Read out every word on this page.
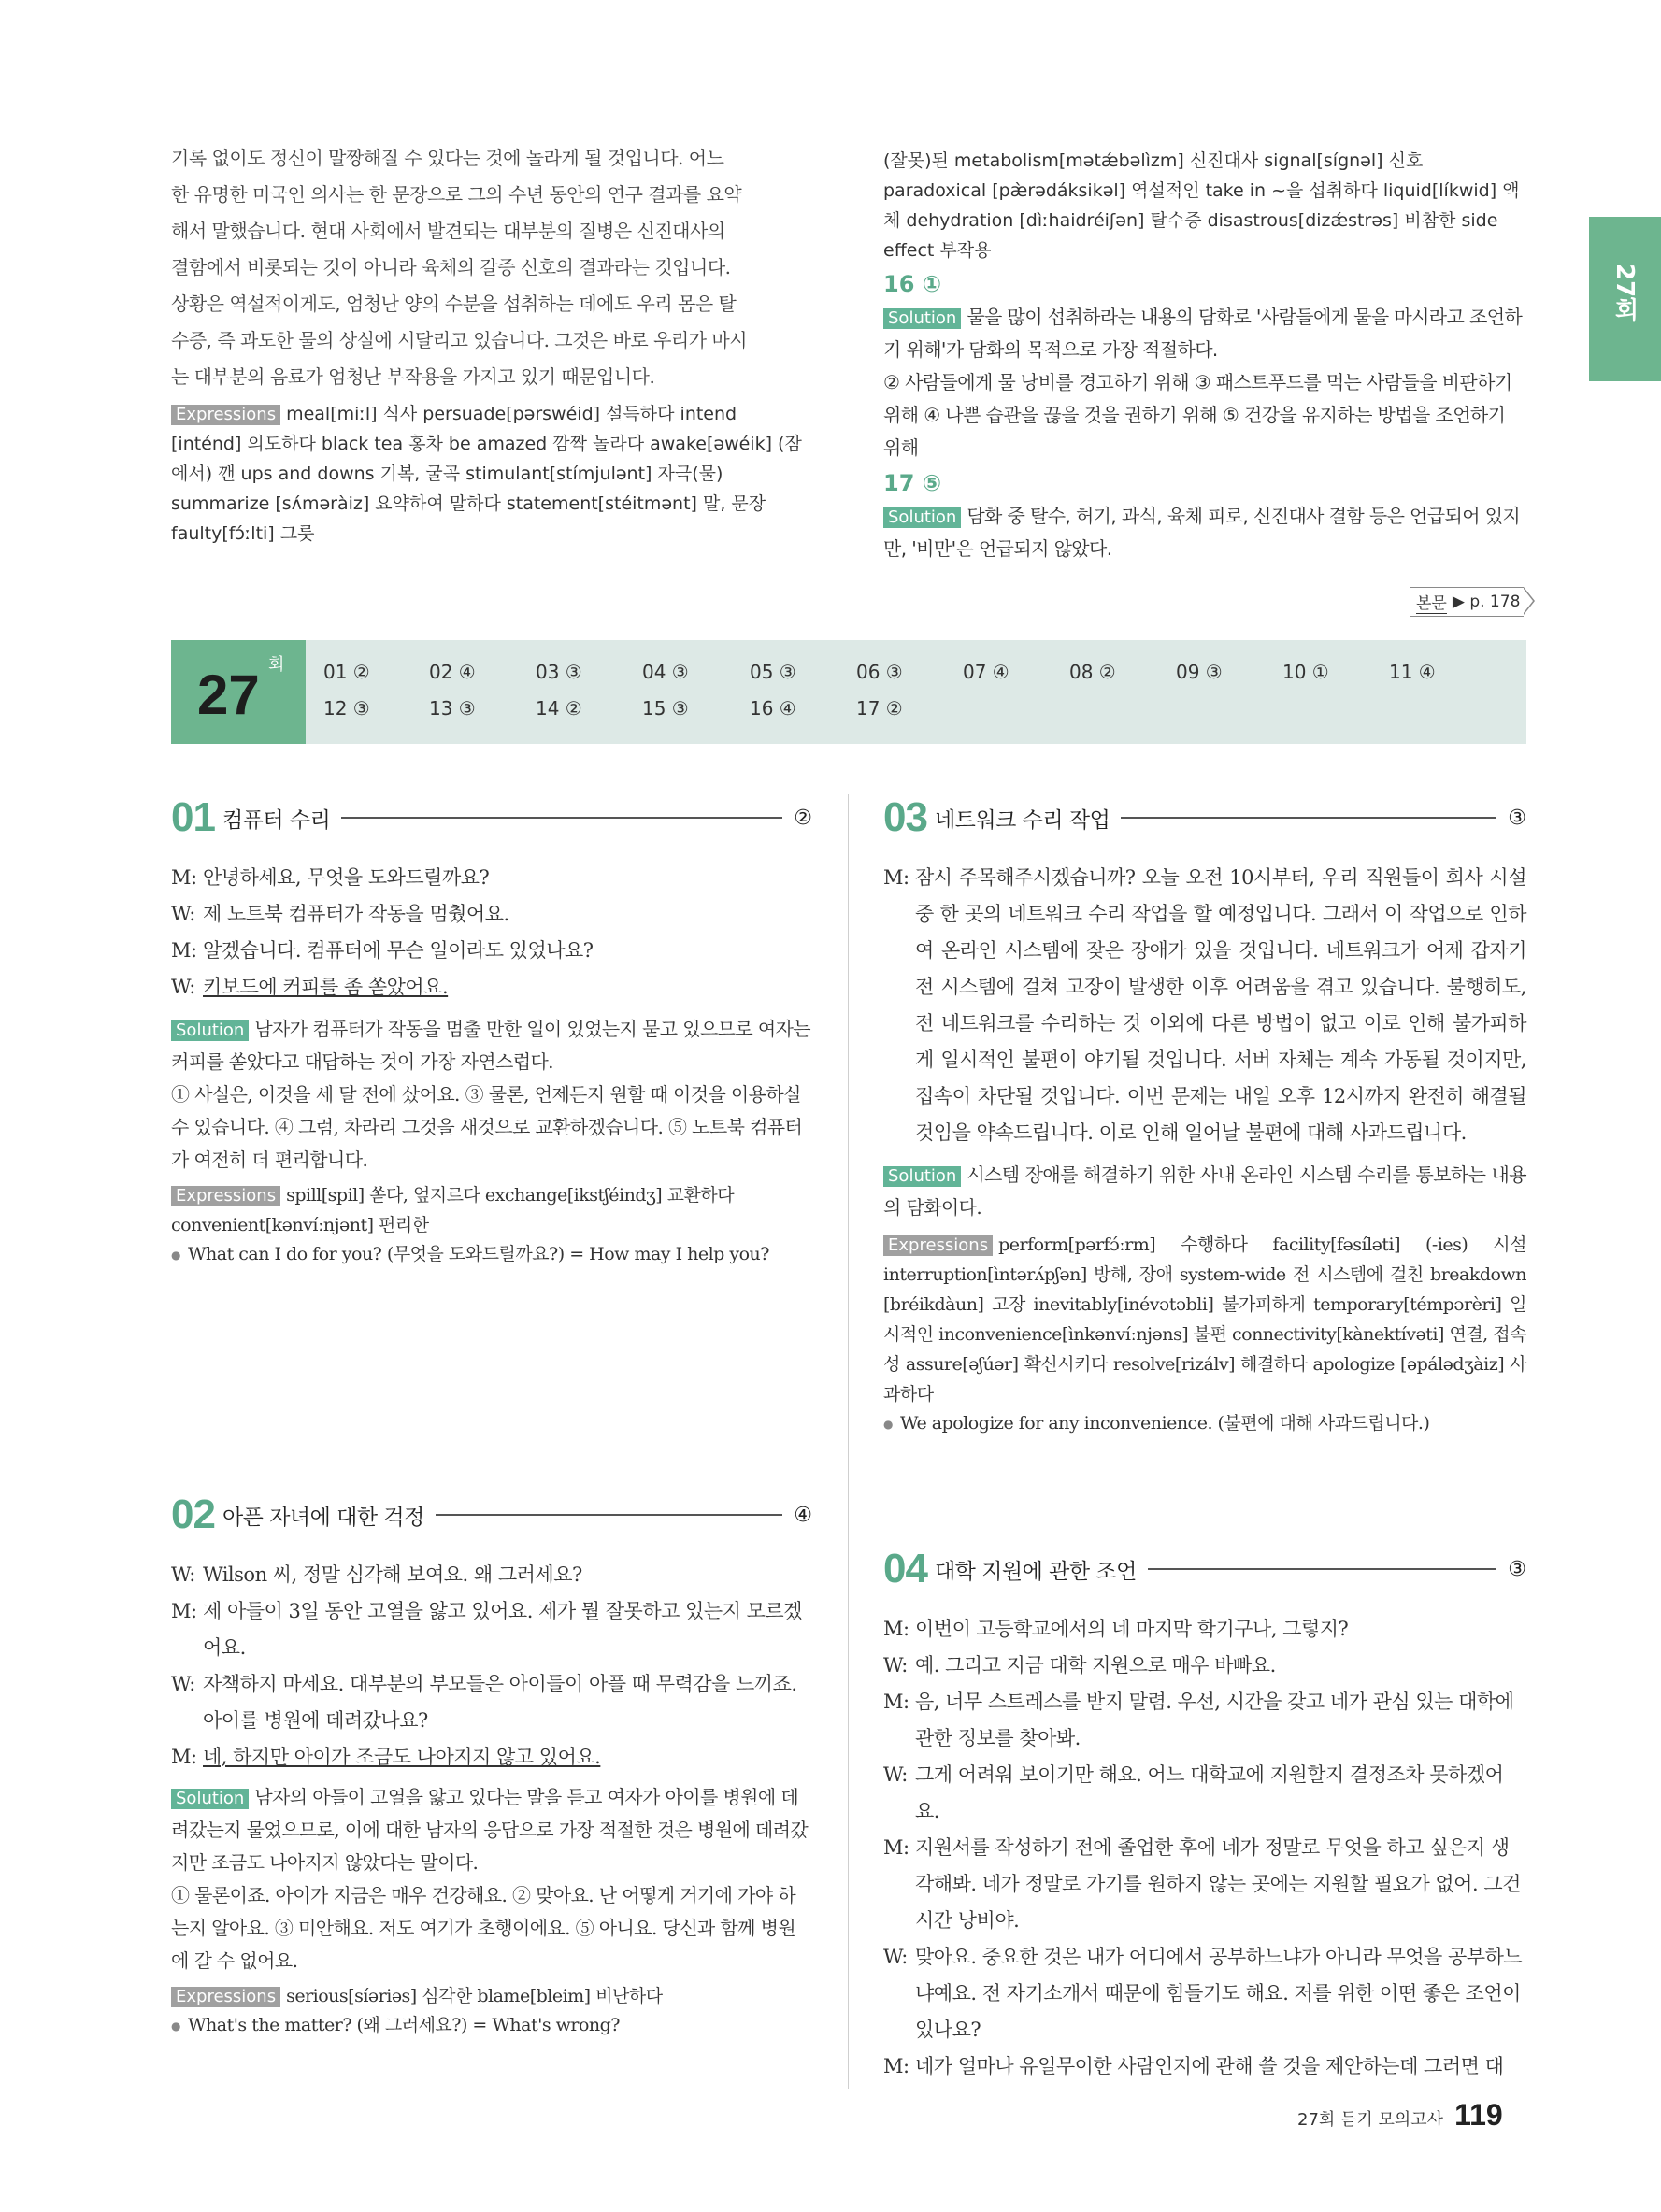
기록 없이도 정신이 말짱해질 수 있다는 것에 놀라게 될 것입니다. 어느
한 유명한 미국인 의사는 한 문장으로 그의 수년 동안의 연구 결과를 요약
해서 말했습니다. 현대 사회에서 발견되는 대부분의 질병은 신진대사의
결함에서 비롯되는 것이 아니라 육체의 갈증 신호의 결과라는 것입니다.
상황은 역설적이게도, 엄청난 양의 수분을 섭취하는 데에도 우리 몸은 탈
수증, 즉 과도한 물의 상실에 시달리고 있습니다. 그것은 바로 우리가 마시
는 대부분의 음료가 엄청난 부작용을 가지고 있기 때문입니다.
Expressions meal[miːl] 식사 persuade[pərswéid] 설득하다 intend [inténd] 의도하다 black tea 홍차 be amazed 깜짝 놀라다 awake[əwéik] (잠에서) 깬 ups and downs 기복, 굴곡 stimulant[stímjulənt] 자극(물) summarize [sʌ́məràiz] 요약하여 말하다 statement[stéitmənt] 말, 문장 faulty[fɔ́ːlti] 그릇
(잘못)된 metabolism[mətǽbəlìzm] 신진대사 signal[sígnəl] 신호 paradoxical [pæ̀rədáksikəl] 역설적인 take in ~을 섭취하다 liquid[líkwid] 액체 dehydration [dìːhaidréiʃən] 탈수증 disastrous[dizǽstrəs] 비참한 side effect 부작용
16 ①
Solution 물을 많이 섭취하라는 내용의 담화로 '사람들에게 물을 마시라고 조언하기 위해'가 담화의 목적으로 가장 적절하다.
② 사람들에게 물 낭비를 경고하기 위해 ③ 패스트푸드를 먹는 사람들을 비판하기 위해 ④ 나쁜 습관을 끊을 것을 권하기 위해 ⑤ 건강을 유지하는 방법을 조언하기 위해
17 ⑤
Solution 담화 중 탈수, 허기, 과식, 육체 피로, 신진대사 결함 등은 언급되어 있지만, '비만'은 언급되지 않았다.
27회
본문 ▶ p. 178
27 회 01 ②	02 ④	03 ③	04 ③	05 ③	06 ③	07 ④	08 ②	09 ③	10 ①	11 ④
12 ③	13 ③	14 ②	15 ③	16 ④	17 ②
01 컴퓨터 수리	②
M: 안녕하세요, 무엇을 도와드릴까요?
W: 제 노트북 컴퓨터가 작동을 멈췄어요.
M: 알겠습니다. 컴퓨터에 무슨 일이라도 있었나요?
W: 키보드에 커피를 좀 쏟았어요.
Solution 남자가 컴퓨터가 작동을 멈출 만한 일이 있었는지 묻고 있으므로 여자는 커피를 쏟았다고 대답하는 것이 가장 자연스럽다.
① 사실은, 이것을 세 달 전에 샀어요. ③ 물론, 언제든지 원할 때 이것을 이용하실 수 있습니다. ④ 그럼, 차라리 그것을 새것으로 교환하겠습니다. ⑤ 노트북 컴퓨터가 여전히 더 편리합니다.
Expressions spill[spil] 쏟다, 엎지르다 exchange[ikstʃéindʒ] 교환하다 convenient[kənvíːnjənt] 편리한
● What can I do for you? (무엇을 도와드릴까요?) = How may I help you?
02 아픈 자녀에 대한 걱정	④
W: Wilson 씨, 정말 심각해 보여요. 왜 그러세요?
M: 제 아들이 3일 동안 고열을 앓고 있어요. 제가 뭘 잘못하고 있는지 모르겠어요.
W: 자책하지 마세요. 대부분의 부모들은 아이들이 아플 때 무력감을 느끼죠. 아이를 병원에 데려갔나요?
M: 네, 하지만 아이가 조금도 나아지지 않고 있어요.
Solution 남자의 아들이 고열을 앓고 있다는 말을 듣고 여자가 아이를 병원에 데려갔는지 물었으므로, 이에 대한 남자의 응답으로 가장 적절한 것은 병원에 데려갔지만 조금도 나아지지 않았다는 말이다.
① 물론이죠. 아이가 지금은 매우 건강해요. ② 맞아요. 난 어떻게 거기에 가야 하는지 알아요. ③ 미안해요. 저도 여기가 초행이에요. ⑤ 아니요. 당신과 함께 병원에 갈 수 없어요.
Expressions serious[síəriəs] 심각한 blame[bleim] 비난하다
● What's the matter? (왜 그러세요?) = What's wrong?
03 네트워크 수리 작업	③
M: 잠시 주목해주시겠습니까? 오늘 오전 10시부터, 우리 직원들이 회사 시설 중 한 곳의 네트워크 수리 작업을 할 예정입니다. 그래서 이 작업으로 인하여 온라인 시스템에 잦은 장애가 있을 것입니다. 네트워크가 어제 갑자기 전 시스템에 걸쳐 고장이 발생한 이후 어려움을 겪고 있습니다. 불행히도, 전 네트워크를 수리하는 것 이외에 다른 방법이 없고 이로 인해 불가피하게 일시적인 불편이 야기될 것입니다. 서버 자체는 계속 가동될 것이지만, 접속이 차단될 것입니다. 이번 문제는 내일 오후 12시까지 완전히 해결될 것임을 약속드립니다. 이로 인해 일어날 불편에 대해 사과드립니다.
Solution 시스템 장애를 해결하기 위한 사내 온라인 시스템 수리를 통보하는 내용의 담화이다.
Expressions perform[pərfɔ́ːrm] 수행하다 facility[fəsíləti] (-ies) 시설 interruption[ìntərʌ́pʃən] 방해, 장애 system-wide 전 시스템에 걸친 breakdown [bréikdàun] 고장 inevitably[inévətəbli] 불가피하게 temporary[témpərèri] 일시적인 inconvenience[ìnkənvíːnjəns] 불편 connectivity[kànektívəti] 연결, 접속성 assure[əʃúər] 확신시키다 resolve[rizálv] 해결하다 apologize [əpálədʒàiz] 사과하다
● We apologize for any inconvenience. (불편에 대해 사과드립니다.)
04 대학 지원에 관한 조언	③
M: 이번이 고등학교에서의 네 마지막 학기구나, 그렇지?
W: 예. 그리고 지금 대학 지원으로 매우 바빠요.
M: 음, 너무 스트레스를 받지 말렴. 우선, 시간을 갖고 네가 관심 있는 대학에 관한 정보를 찾아봐.
W: 그게 어려워 보이기만 해요. 어느 대학교에 지원할지 결정조차 못하겠어요.
M: 지원서를 작성하기 전에 졸업한 후에 네가 정말로 무엇을 하고 싶은지 생각해봐. 네가 정말로 가기를 원하지 않는 곳에는 지원할 필요가 없어. 그건 시간 낭비야.
W: 맞아요. 중요한 것은 내가 어디에서 공부하느냐가 아니라 무엇을 공부하느냐예요. 전 자기소개서 때문에 힘들기도 해요. 저를 위한 어떤 좋은 조언이 있나요?
M: 네가 얼마나 유일무이한 사람인지에 관해 쓸 것을 제안하는데 그러면 대
27회 듣기 모의고사 119
